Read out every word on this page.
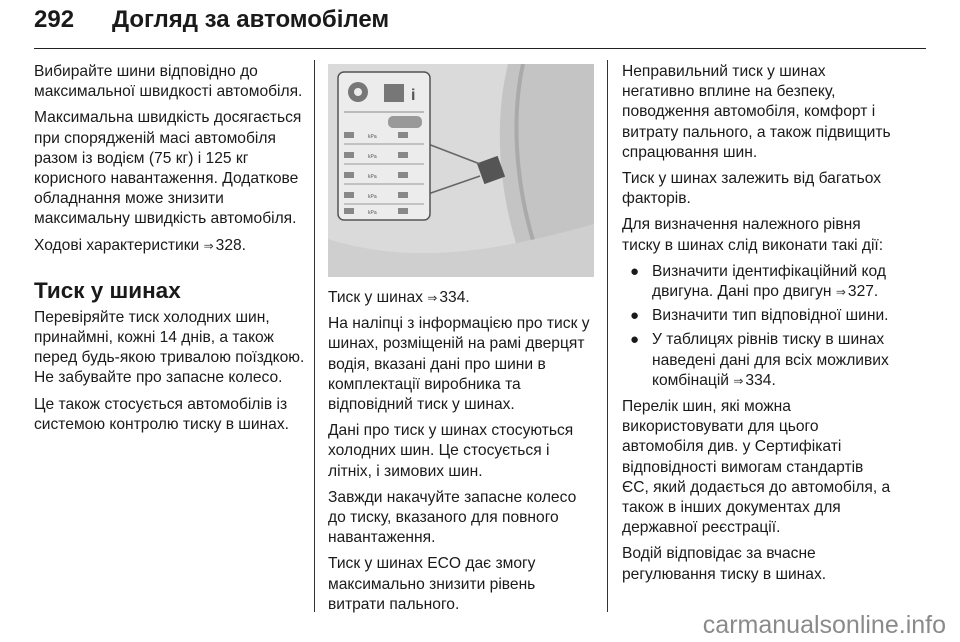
292 Догляд за автомобілем

Вибирайте шини відповідно до максимальної швидкості автомобіля.

Максимальна швидкість досягається при спорядженій масі автомобіля разом із водієм (75 кг) і 125 кг корисного навантаження. Додаткове обладнання може знизити максимальну швидкість автомобіля.

Ходові характеристики ⇒ 328.

Тиск у шинах

Перевіряйте тиск холодних шин, принаймні, кожні 14 днів, а також перед будь-якою тривалою поїздкою. Не забувайте про запасне колесо.

Це також стосується автомобілів із системою контролю тиску в шинах.

i
kPa
kPa
kPa
kPa
kPa

Тиск у шинах ⇒ 334.

На наліпці з інформацією про тиск у шинах, розміщеній на рамі дверцят водія, вказані дані про шини в комплектації виробника та відповідний тиск у шинах.

Дані про тиск у шинах стосуються холодних шин. Це стосується і літніх, і зимових шин.

Завжди накачуйте запасне колесо до тиску, вказаного для повного навантаження.

Тиск у шинах ECO дає змогу максимально знизити рівень витрати пального.

Неправильний тиск у шинах негативно вплине на безпеку, поводження автомобіля, комфорт і витрату пального, а також підвищить спрацювання шин.

Тиск у шинах залежить від багатьох факторів.

Для визначення належного рівня тиску в шинах слід виконати такі дії:

● Визначити ідентифікаційний код двигуна. Дані про двигун ⇒ 327.
● Визначити тип відповідної шини.
● У таблицях рівнів тиску в шинах наведені дані для всіх можливих комбінацій ⇒ 334.

Перелік шин, які можна використовувати для цього автомобіля див. у Сертифікаті відповідності вимогам стандартів ЄС, який додається до автомобіля, а також в інших документах для державної реєстрації.

Водій відповідає за вчасне регулювання тиску в шинах.

carmanualsonline.info
